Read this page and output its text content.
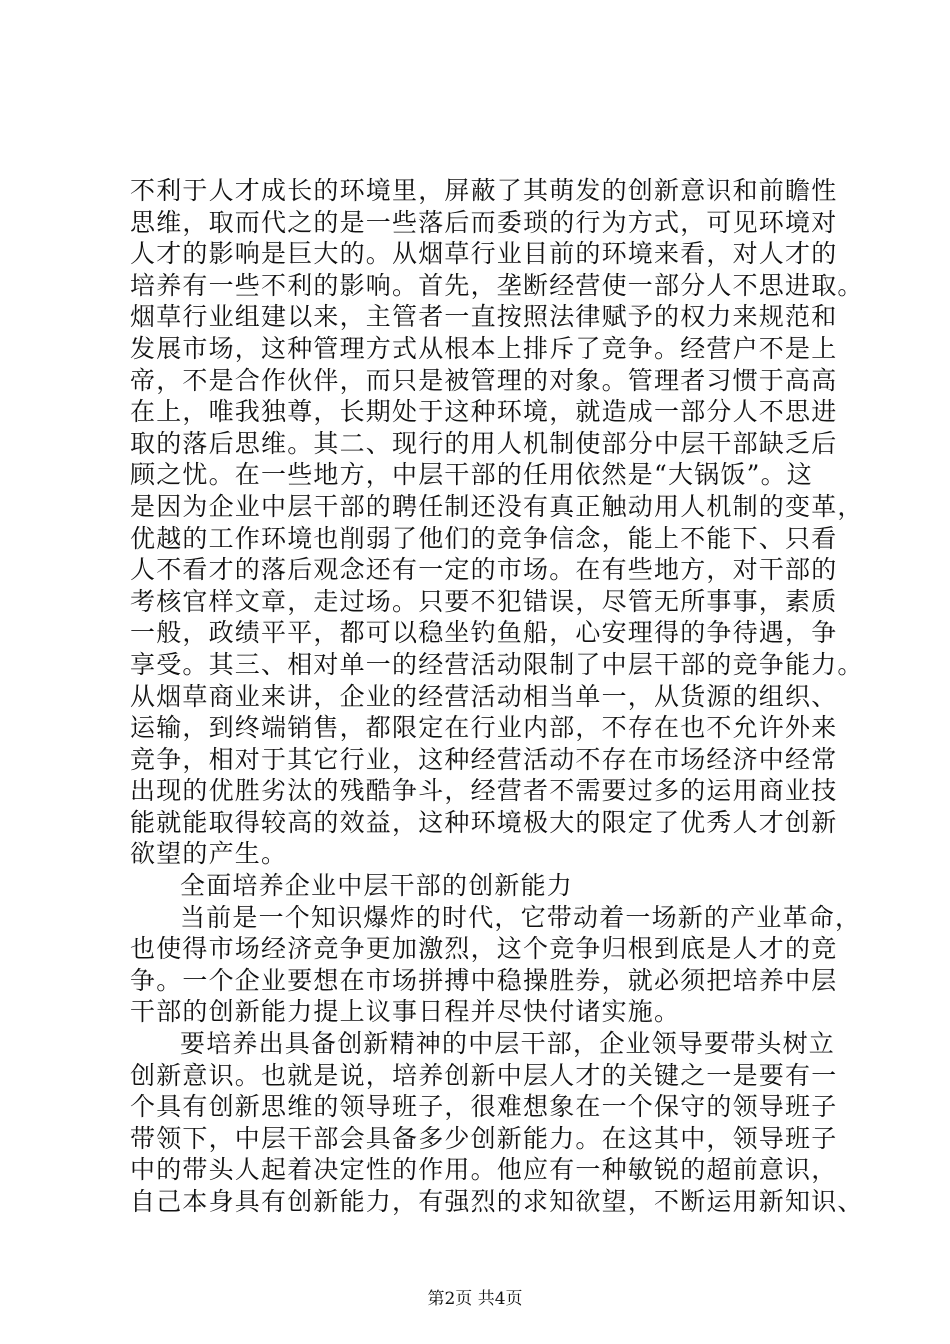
不利于人才成长的环境里，屏蔽了其萌发的创新意识和前瞻性
思维，取而代之的是一些落后而委琐的行为方式，可见环境对
人才的影响是巨大的。从烟草行业目前的环境来看，对人才的
培养有一些不利的影响。首先，垄断经营使一部分人不思进取。
烟草行业组建以来，主管者一直按照法律赋予的权力来规范和
发展市场，这种管理方式从根本上排斥了竞争。经营户不是上
帝，不是合作伙伴，而只是被管理的对象。管理者习惯于高高
在上，唯我独尊，长期处于这种环境，就造成一部分人不思进
取的落后思维。其二、现行的用人机制使部分中层干部缺乏后
顾之忧。在一些地方，中层干部的任用依然是“大锅饭”。这
是因为企业中层干部的聘任制还没有真正触动用人机制的变革，
优越的工作环境也削弱了他们的竞争信念，能上不能下、只看
人不看才的落后观念还有一定的市场。在有些地方，对干部的
考核官样文章，走过场。只要不犯错误，尽管无所事事，素质
一般，政绩平平，都可以稳坐钓鱼船，心安理得的争待遇，争
享受。其三、相对单一的经营活动限制了中层干部的竞争能力。
从烟草商业来讲，企业的经营活动相当单一，从货源的组织、
运输，到终端销售，都限定在行业内部，不存在也不允许外来
竞争，相对于其它行业，这种经营活动不存在市场经济中经常
出现的优胜劣汰的残酷争斗，经营者不需要过多的运用商业技
能就能取得较高的效益，这种环境极大的限定了优秀人才创新
欲望的产生。
全面培养企业中层干部的创新能力
当前是一个知识爆炸的时代，它带动着一场新的产业革命，
也使得市场经济竞争更加激烈，这个竞争归根到底是人才的竞
争。一个企业要想在市场拼搏中稳操胜券，就必须把培养中层
干部的创新能力提上议事日程并尽快付诸实施。
要培养出具备创新精神的中层干部，企业领导要带头树立
创新意识。也就是说，培养创新中层人才的关键之一是要有一
个具有创新思维的领导班子，很难想象在一个保守的领导班子
带领下，中层干部会具备多少创新能力。在这其中，领导班子
中的带头人起着决定性的作用。他应有一种敏锐的超前意识，
自己本身具有创新能力，有强烈的求知欲望，不断运用新知识、
第2页 共4页
